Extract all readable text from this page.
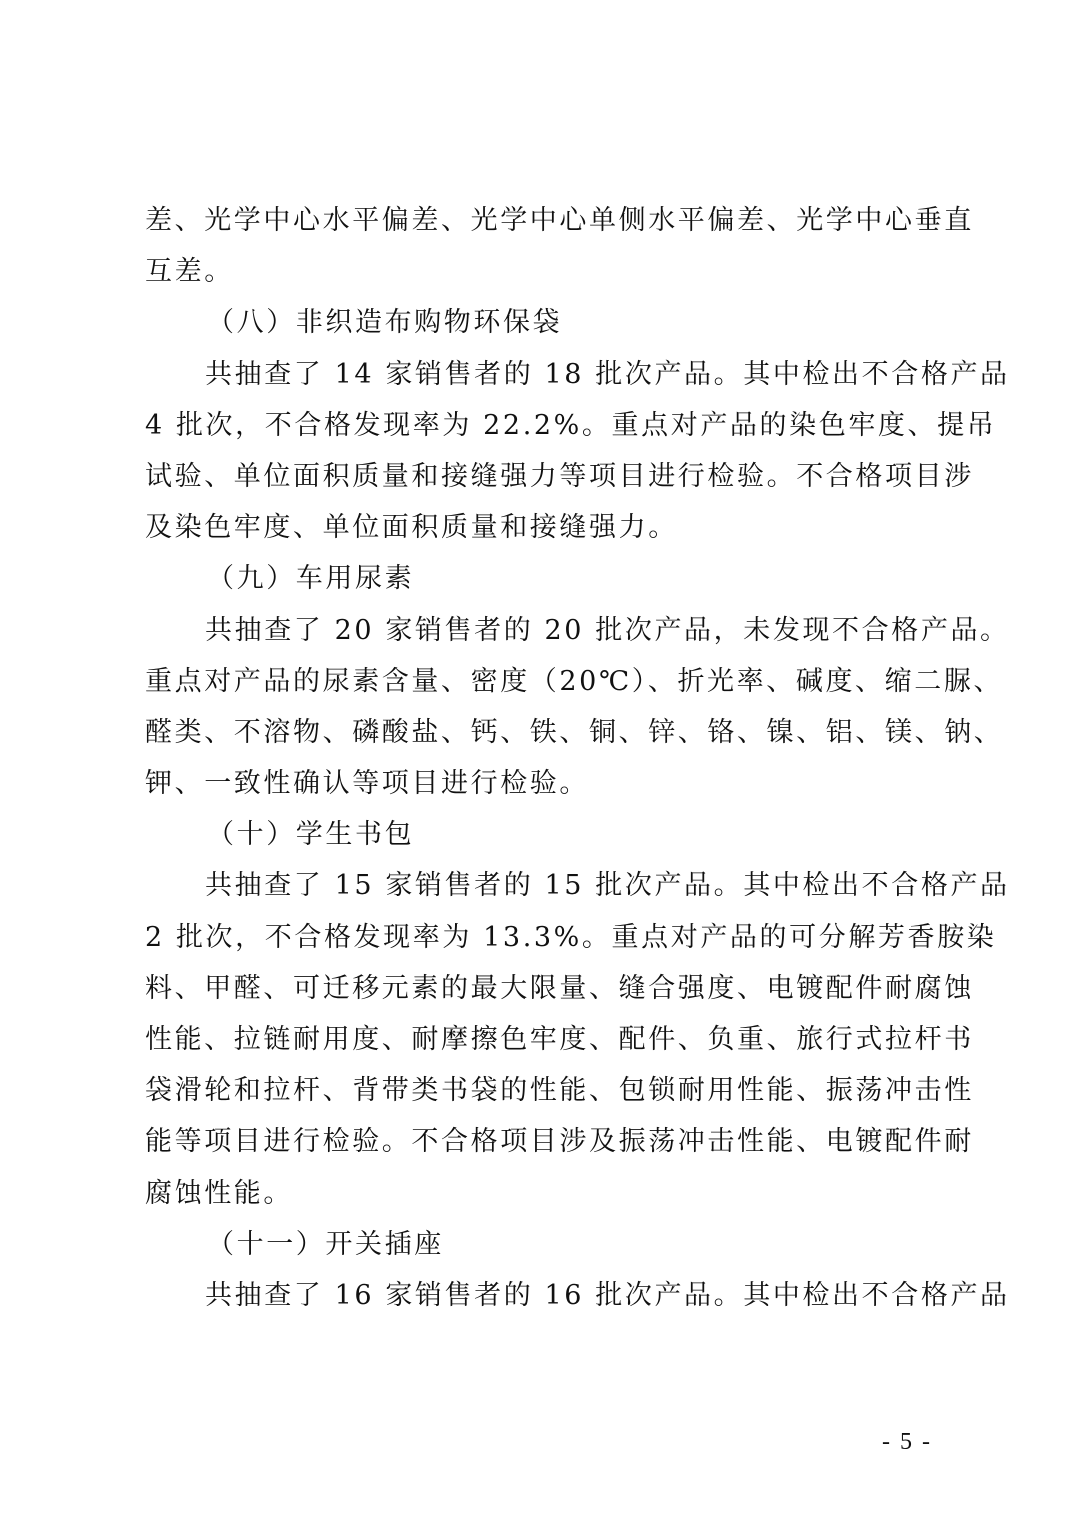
差、光学中心水平偏差、光学中心单侧水平偏差、光学中心垂直
互差。
（八）非织造布购物环保袋
共抽查了 14 家销售者的 18 批次产品。其中检出不合格产品
4 批次，不合格发现率为 22.2%。重点对产品的染色牢度、提吊
试验、单位面积质量和接缝强力等项目进行检验。不合格项目涉
及染色牢度、单位面积质量和接缝强力。
（九）车用尿素
共抽查了 20 家销售者的 20 批次产品，未发现不合格产品。
重点对产品的尿素含量、密度（20℃）、折光率、碱度、缩二脲、
醛类、不溶物、磷酸盐、钙、铁、铜、锌、铬、镍、铝、镁、钠、
钾、一致性确认等项目进行检验。
（十）学生书包
共抽查了 15 家销售者的 15 批次产品。其中检出不合格产品
2 批次，不合格发现率为 13.3%。重点对产品的可分解芳香胺染
料、甲醛、可迁移元素的最大限量、缝合强度、电镀配件耐腐蚀
性能、拉链耐用度、耐摩擦色牢度、配件、负重、旅行式拉杆书
袋滑轮和拉杆、背带类书袋的性能、包锁耐用性能、振荡冲击性
能等项目进行检验。不合格项目涉及振荡冲击性能、电镀配件耐
腐蚀性能。
（十一）开关插座
共抽查了 16 家销售者的 16 批次产品。其中检出不合格产品
- 5 -
